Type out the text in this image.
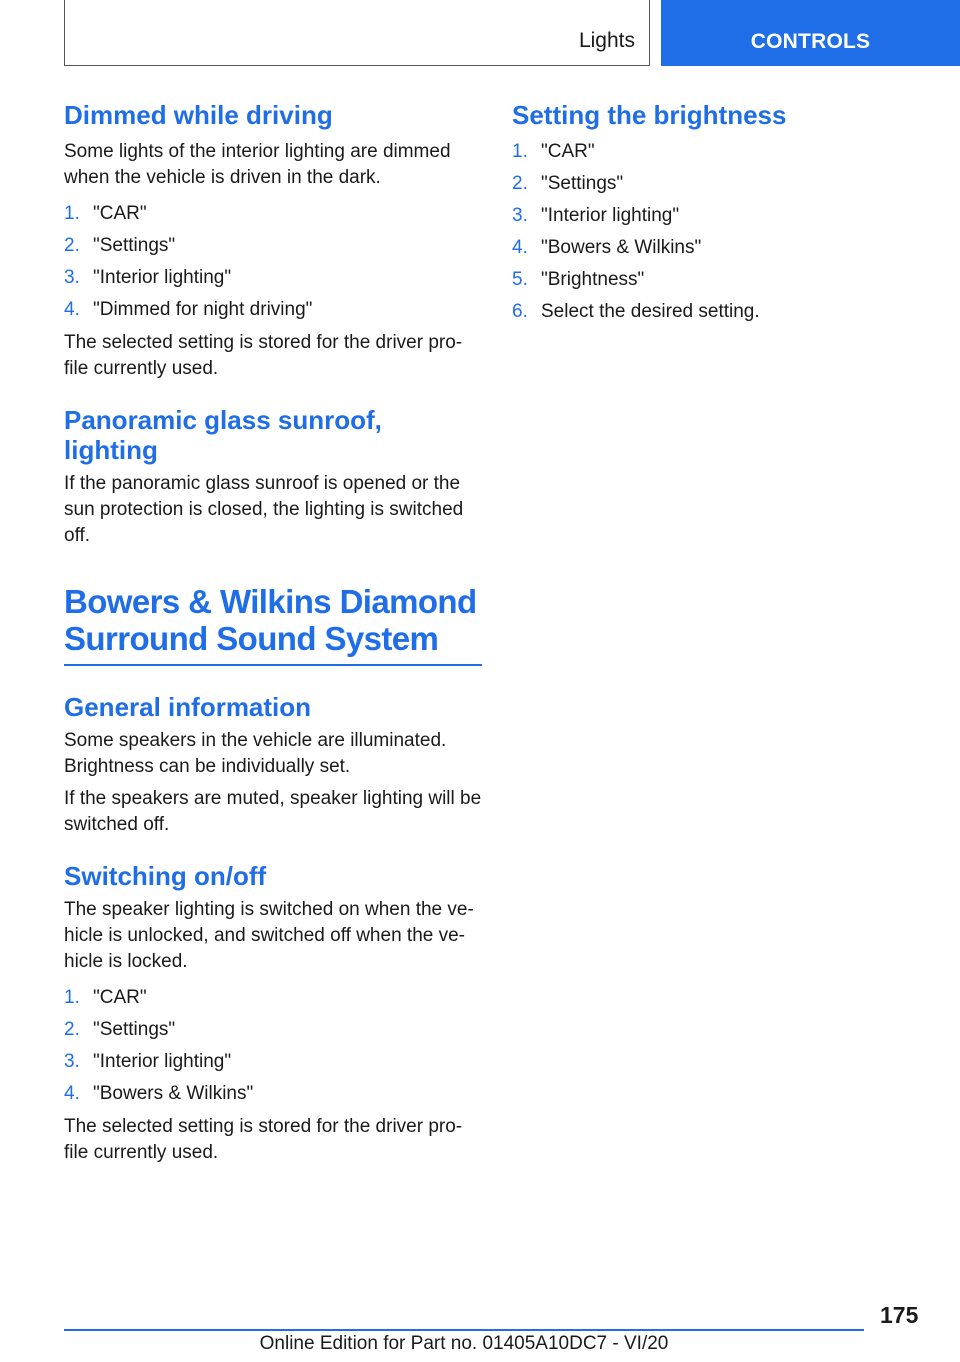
Lights	CONTROLS
Dimmed while driving

Some lights of the interior lighting are dimmed when the vehicle is driven in the dark.

1. "CAR"
2. "Settings"
3. "Interior lighting"
4. "Dimmed for night driving"

The selected setting is stored for the driver pro‐file currently used.

Panoramic glass sunroof,
lighting

If the panoramic glass sunroof is opened or the sun protection is closed, the lighting is switched off.

Bowers & Wilkins Diamond
Surround Sound System
General information

Some speakers in the vehicle are illuminated. Brightness can be individually set.

If the speakers are muted, speaker lighting will be switched off.

Switching on/off

The speaker lighting is switched on when the ve‐hicle is unlocked, and switched off when the ve‐hicle is locked.

1. "CAR"
2. "Settings"
3. "Interior lighting"
4. "Bowers & Wilkins"

The selected setting is stored for the driver pro‐file currently used.

Setting the brightness
1. "CAR"
2. "Settings"
3. "Interior lighting"
4. "Bowers & Wilkins"
5. "Brightness"
6. Select the desired setting.
175
Online Edition for Part no. 01405A10DC7 - VI/20
